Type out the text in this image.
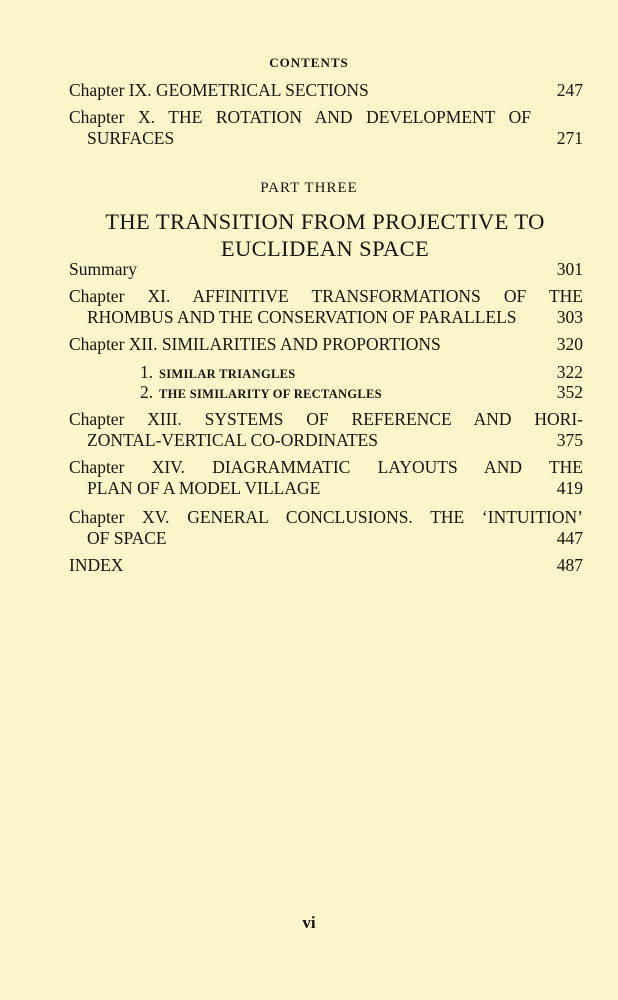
CONTENTS
Chapter IX. GEOMETRICAL SECTIONS	247
Chapter X. THE ROTATION AND DEVELOPMENT OF
SURFACES	271
PART THREE
THE TRANSITION FROM PROJECTIVE TO
EUCLIDEAN SPACE
Summary	301
Chapter XI. AFFINITIVE TRANSFORMATIONS OF THE
RHOMBUS AND THE CONSERVATION OF PARALLELS	303
Chapter XII. SIMILARITIES AND PROPORTIONS	320
1. SIMILAR TRIANGLES	322
2. THE SIMILARITY OF RECTANGLES	352
Chapter XIII. SYSTEMS OF REFERENCE AND HORI-
ZONTAL-VERTICAL CO-ORDINATES	375
Chapter XIV. DIAGRAMMATIC LAYOUTS AND THE
PLAN OF A MODEL VILLAGE	419
Chapter XV. GENERAL CONCLUSIONS. THE ‘INTUITION’
OF SPACE	447
INDEX	487
vi
